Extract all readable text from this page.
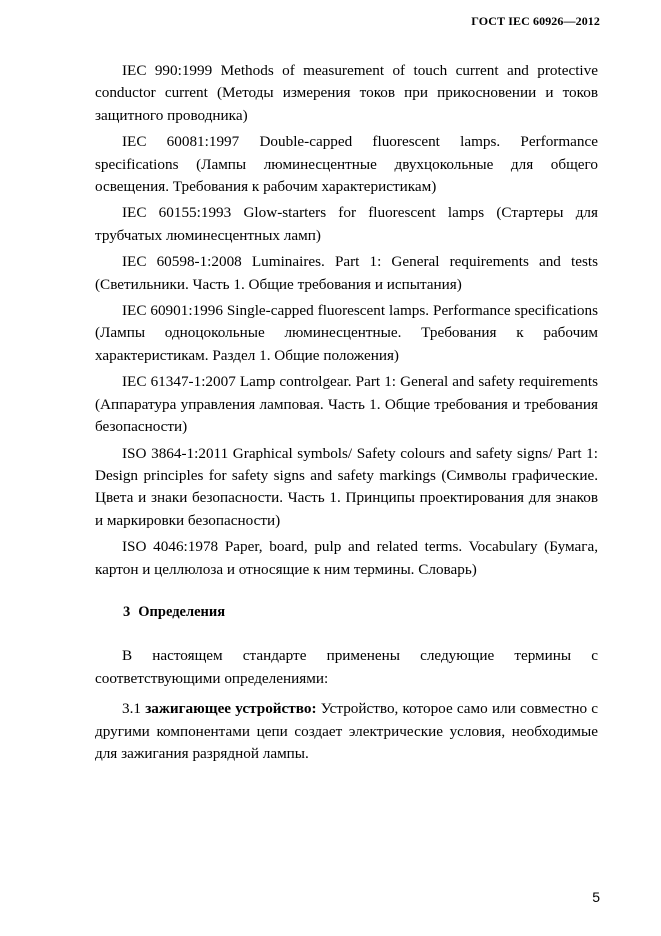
ГОСТ IEC 60926—2012

IEC 990:1999 Methods of measurement of touch current and protective conductor current (Методы измерения токов при прикосновении и токов защитного проводника)

IEC 60081:1997 Double-capped fluorescent lamps. Performance specifications (Лампы люминесцентные двухцокольные для общего освещения. Требования к рабочим характеристикам)

IEC 60155:1993 Glow-starters for fluorescent lamps (Стартеры для трубчатых люминесцентных ламп)

IEC 60598-1:2008 Luminaires. Part 1: General requirements and tests (Светильники. Часть 1. Общие требования и испытания)

IEC 60901:1996 Single-capped fluorescent lamps. Performance specifications (Лампы одноцокольные люминесцентные. Требования к рабочим характеристикам. Раздел 1. Общие положения)

IEC 61347-1:2007 Lamp controlgear. Part 1: General and safety requirements (Аппаратура управления ламповая. Часть 1. Общие требования и требования безопасности)

ISO 3864-1:2011 Graphical symbols/ Safety colours and safety signs/ Part 1: Design principles for safety signs and safety markings (Символы графические. Цвета и знаки безопасности. Часть 1. Принципы проектирования для знаков и маркировки безопасности)

ISO 4046:1978 Paper, board, pulp and related terms. Vocabulary (Бумага, картон и целлюлоза и относящие к ним термины. Словарь)

3 Определения

В настоящем стандарте применены следующие термины с соответствующими определениями:

3.1 зажигающее устройство: Устройство, которое само или совместно с другими компонентами цепи создает электрические условия, необходимые для зажигания разрядной лампы.

5
